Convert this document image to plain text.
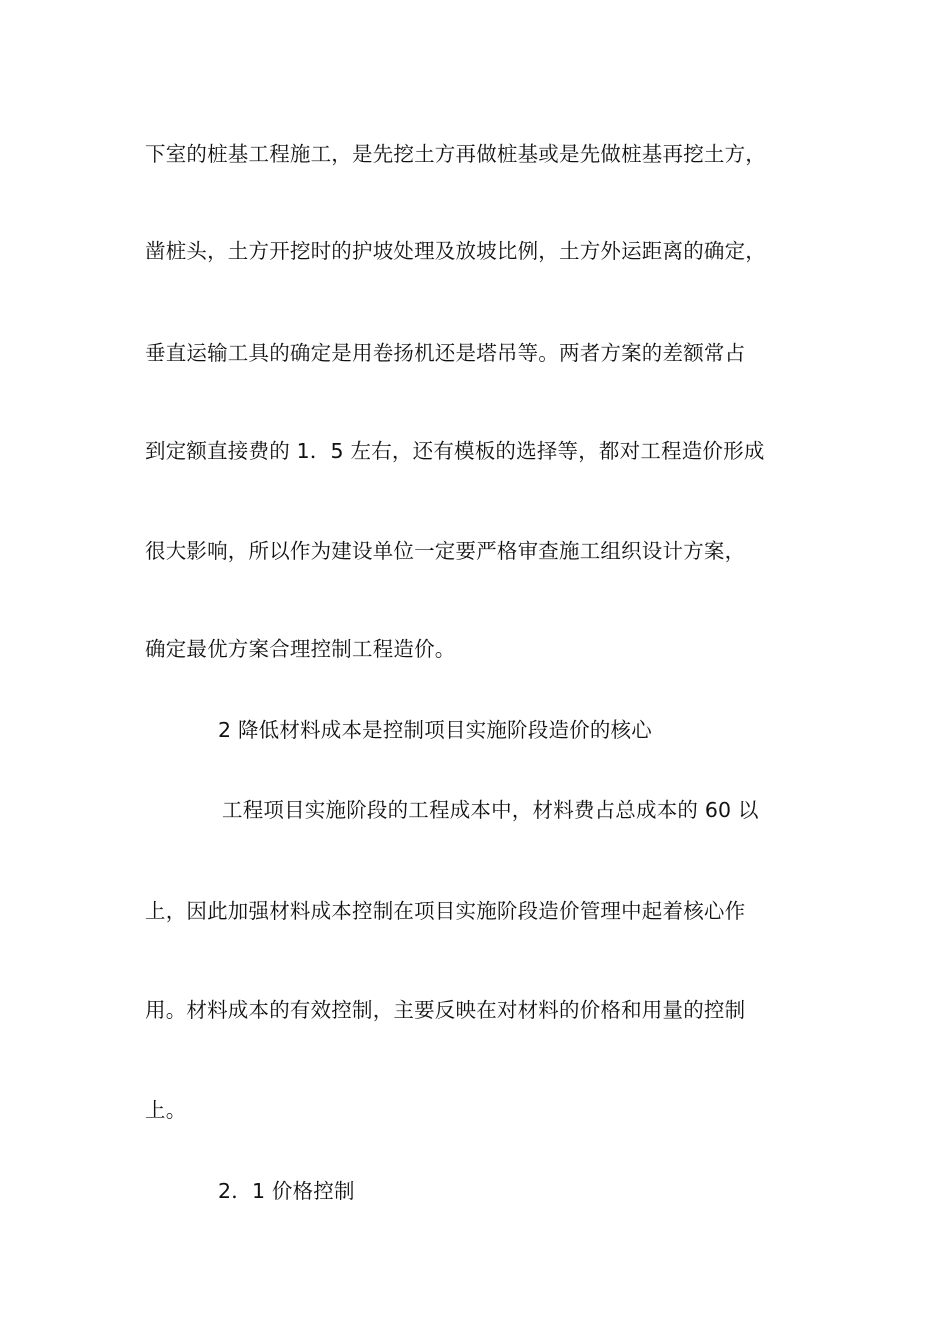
下室的桩基工程施工，是先挖土方再做桩基或是先做桩基再挖土方，
凿桩头，土方开挖时的护坡处理及放坡比例，土方外运距离的确定，
垂直运输工具的确定是用卷扬机还是塔吊等。两者方案的差额常占
到定额直接费的 1．5 左右，还有模板的选择等，都对工程造价形成
很大影响，所以作为建设单位一定要严格审查施工组织设计方案，
确定最优方案合理控制工程造价。
2 降低材料成本是控制项目实施阶段造价的核心
工程项目实施阶段的工程成本中，材料费占总成本的 60 以
上，因此加强材料成本控制在项目实施阶段造价管理中起着核心作
用。材料成本的有效控制，主要反映在对材料的价格和用量的控制
上。
2．1 价格控制
